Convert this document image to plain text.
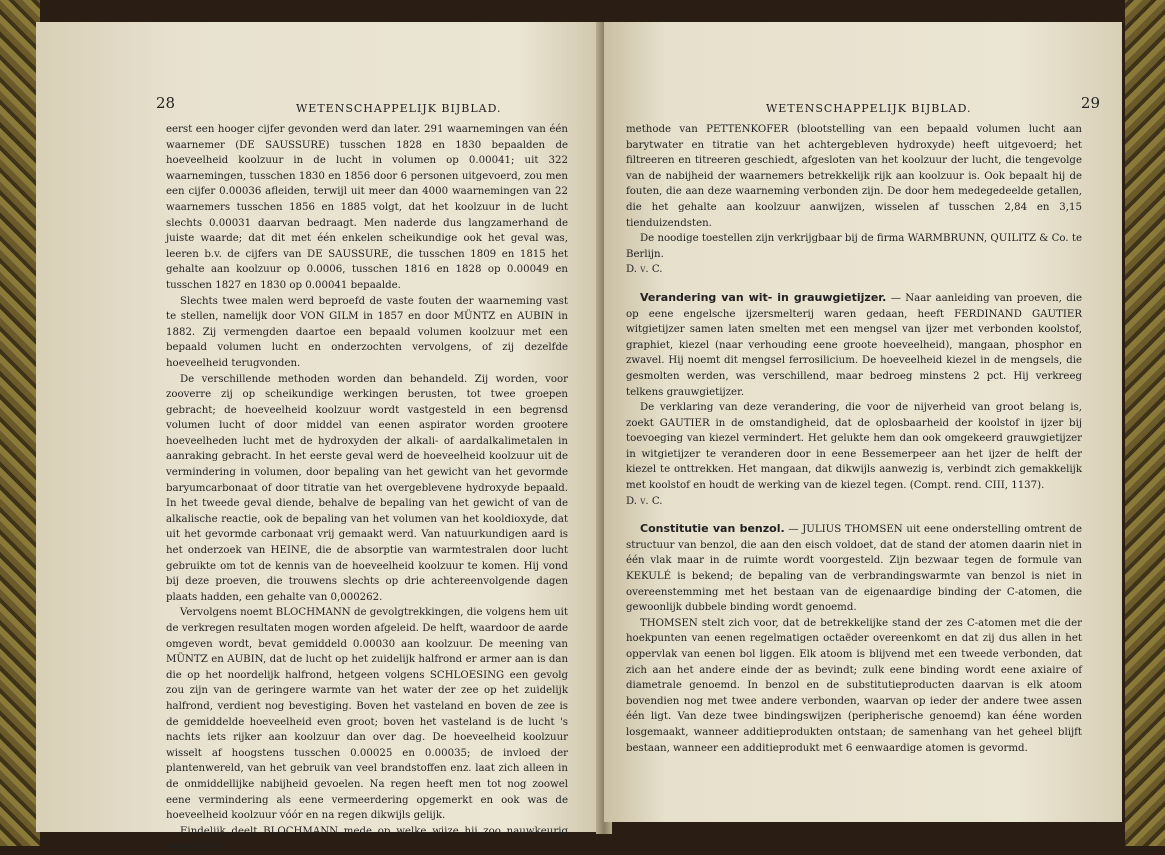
28	WETENSCHAPPELIJK BIJBLAD.

eerst een hooger cijfer gevonden werd dan later. 291 waarnemingen van één waarnemer (DE SAUSSURE) tusschen 1828 en 1830 bepaalden de hoeveelheid koolzuur in de lucht in volumen op 0.00041; uit 322 waarnemingen, tusschen 1830 en 1856 door 6 personen uitgevoerd, zou men een cijfer 0.00036 afleiden, terwijl uit meer dan 4000 waarnemingen van 22 waarnemers tusschen 1856 en 1885 volgt, dat het koolzuur in de lucht slechts 0.00031 daarvan bedraagt. Men naderde dus langzamerhand de juiste waarde; dat dit met één enkelen scheikundige ook het geval was, leeren b.v. de cijfers van DE SAUSSURE, die tusschen 1809 en 1815 het gehalte aan koolzuur op 0.0006, tusschen 1816 en 1828 op 0.00049 en tusschen 1827 en 1830 op 0.00041 bepaalde.

Slechts twee malen werd beproefd de vaste fouten der waarneming vast te stellen, namelijk door VON GILM in 1857 en door MÜNTZ en AUBIN in 1882. Zij vermengden daartoe een bepaald volumen koolzuur met een bepaald volumen lucht en onderzochten vervolgens, of zij dezelfde hoeveelheid terugvonden.

De verschillende methoden worden dan behandeld. Zij worden, voor zooverre zij op scheikundige werkingen berusten, tot twee groepen gebracht; de hoeveelheid koolzuur wordt vastgesteld in een begrensd volumen lucht of door middel van eenen aspirator worden grootere hoeveelheden lucht met de hydroxyden der alkali- of aardalkalimetalen in aanraking gebracht. In het eerste geval werd de hoeveelheid koolzuur uit de vermindering in volumen, door bepaling van het gewicht van het gevormde baryumcarbonaat of door titratie van het overgeblevene hydroxyde bepaald. In het tweede geval diende, behalve de bepaling van het gewicht of van de alkalische reactie, ook de bepaling van het volumen van het kooldioxyde, dat uit het gevormde carbonaat vrij gemaakt werd. Van natuurkundigen aard is het onderzoek van HEINE, die de absorptie van warmtestralen door lucht gebruikte om tot de kennis van de hoeveelheid koolzuur te komen. Hij vond bij deze proeven, die trouwens slechts op drie achtereenvolgende dagen plaats hadden, een gehalte van 0,000262.

Vervolgens noemt BLOCHMANN de gevolgtrekkingen, die volgens hem uit de verkregen resultaten mogen worden afgeleid. De helft, waardoor de aarde omgeven wordt, bevat gemiddeld 0.00030 aan koolzuur. De meening van MÜNTZ en AUBIN, dat de lucht op het zuidelijk halfrond er armer aan is dan die op het noordelijk halfrond, hetgeen volgens SCHLOESING een gevolg zou zijn van de geringere warmte van het water der zee op het zuidelijk halfrond, verdient nog bevestiging. Boven het vasteland en boven de zee is de gemiddelde hoeveelheid even groot; boven het vasteland is de lucht 's nachts iets rijker aan koolzuur dan over dag. De hoeveelheid koolzuur wisselt af hoogstens tusschen 0.00025 en 0.00035; de invloed der plantenwereld, van het gebruik van veel brandstoffen enz. laat zich alleen in de onmiddellijke nabijheid gevoelen. Na regen heeft men tot nog zoowel eene vermindering als eene vermeerdering opgemerkt en ook was de hoeveelheid koolzuur vóór en na regen dikwijls gelijk.

Eindelijk deelt BLOCHMANN mede op welke wijze hij zoo nauwkeurig mogelijk de

WETENSCHAPPELIJK BIJBLAD.	29

methode van PETTENKOFER (blootstelling van een bepaald volumen lucht aan barytwater en titratie van het achtergebleven hydroxyde) heeft uitgevoerd; het filtreeren en titreeren geschiedt, afgesloten van het koolzuur der lucht, die tengevolge van de nabijheid der waarnemers betrekkelijk rijk aan koolzuur is. Ook bepaalt hij de fouten, die aan deze waarneming verbonden zijn. De door hem medegedeelde getallen, die het gehalte aan koolzuur aanwijzen, wisselen af tusschen 2,84 en 3,15 tienduizendsten.

De noodige toestellen zijn verkrijgbaar bij de firma WARMBRUNN, QUILITZ & Co. te Berlijn.

D. v. C.

Verandering van wit- in grauwgietijzer. — Naar aanleiding van proeven, die op eene engelsche ijzersmelterij waren gedaan, heeft FERDINAND GAUTIER witgietijzer samen laten smelten met een mengsel van ijzer met verbonden koolstof, graphiet, kiezel (naar verhouding eene groote hoeveelheid), mangaan, phosphor en zwavel. Hij noemt dit mengsel ferrosilicium. De hoeveelheid kiezel in de mengsels, die gesmolten werden, was verschillend, maar bedroeg minstens 2 pct. Hij verkreeg telkens grauwgietijzer.

De verklaring van deze verandering, die voor de nijverheid van groot belang is, zoekt GAUTIER in de omstandigheid, dat de oplosbaarheid der koolstof in ijzer bij toevoeging van kiezel vermindert. Het gelukte hem dan ook omgekeerd grauwgietijzer in witgietijzer te veranderen door in eene Bessemerpeer aan het ijzer de helft der kiezel te onttrekken. Het mangaan, dat dikwijls aanwezig is, verbindt zich gemakkelijk met koolstof en houdt de werking van de kiezel tegen. (Compt. rend. CIII, 1137).

D. v. C.

Constitutie van benzol. — JULIUS THOMSEN uit eene onderstelling omtrent de structuur van benzol, die aan den eisch voldoet, dat de stand der atomen daarin niet in één vlak maar in de ruimte wordt voorgesteld. Zijn bezwaar tegen de formule van KEKULÉ is bekend; de bepaling van de verbrandingswarmte van benzol is niet in overeenstemming met het bestaan van de eigenaardige binding der C-atomen, die gewoonlijk dubbele binding wordt genoemd.

THOMSEN stelt zich voor, dat de betrekkelijke stand der zes C-atomen met die der hoekpunten van eenen regelmatigen octaëder overeenkomt en dat zij dus allen in het oppervlak van eenen bol liggen. Elk atoom is blijvend met een tweede verbonden, dat zich aan het andere einde der as bevindt; zulk eene binding wordt eene axiaire of diametrale genoemd. In benzol en de substitutieproducten daarvan is elk atoom bovendien nog met twee andere verbonden, waarvan op ieder der andere twee assen één ligt. Van deze twee bindingswijzen (peripherische genoemd) kan ééne worden losgemaakt, wanneer additieprodukten ontstaan; de samenhang van het geheel blijft bestaan, wanneer een additieprodukt met 6 eenwaardige atomen is gevormd.
